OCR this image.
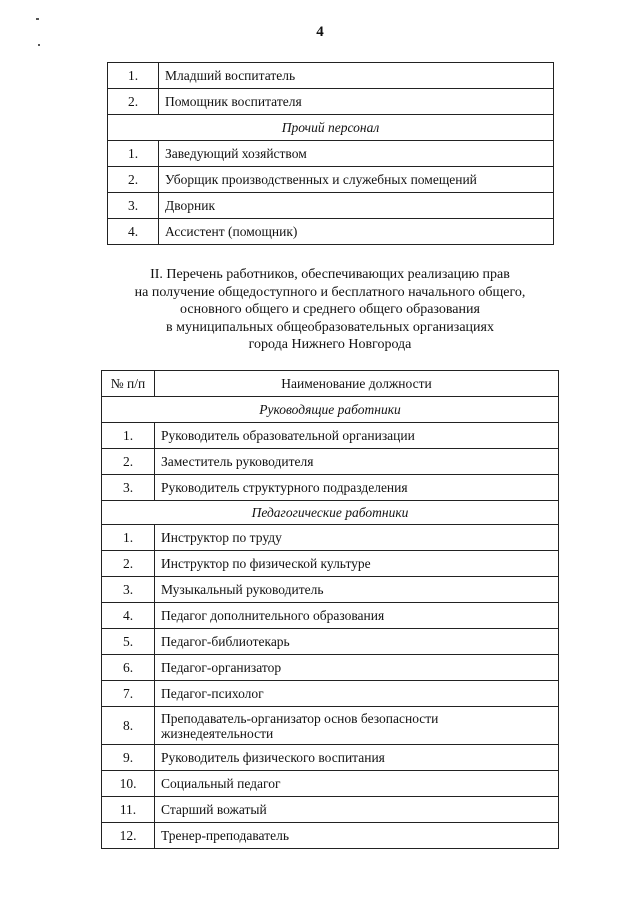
4
1.	Младший воспитатель
2.	Помощник воспитателя
Прочий персонал	
1.	Заведующий хозяйством
2.	Уборщик производственных и служебных помещений
3.	Дворник
4.	Ассистент (помощник)
II. Перечень работников, обеспечивающих реализацию прав
на получение общедоступного и бесплатного начального общего,
основного общего и среднего общего образования
в муниципальных общеобразовательных организациях
города Нижнего Новгорода
№ п/п	Наименование должности
Руководящие работники	
1.	Руководитель образовательной организации
2.	Заместитель руководителя
3.	Руководитель структурного подразделения
Педагогические работники	
1.	Инструктор по труду
2.	Инструктор по физической культуре
3.	Музыкальный руководитель
4.	Педагог дополнительного образования
5.	Педагог-библиотекарь
6.	Педагог-организатор
7.	Педагог-психолог
8.	Преподаватель-организатор основ безопасности жизнедеятельности
9.	Руководитель физического воспитания
10.	Социальный педагог
11.	Старший вожатый
12.	Тренер-преподаватель
